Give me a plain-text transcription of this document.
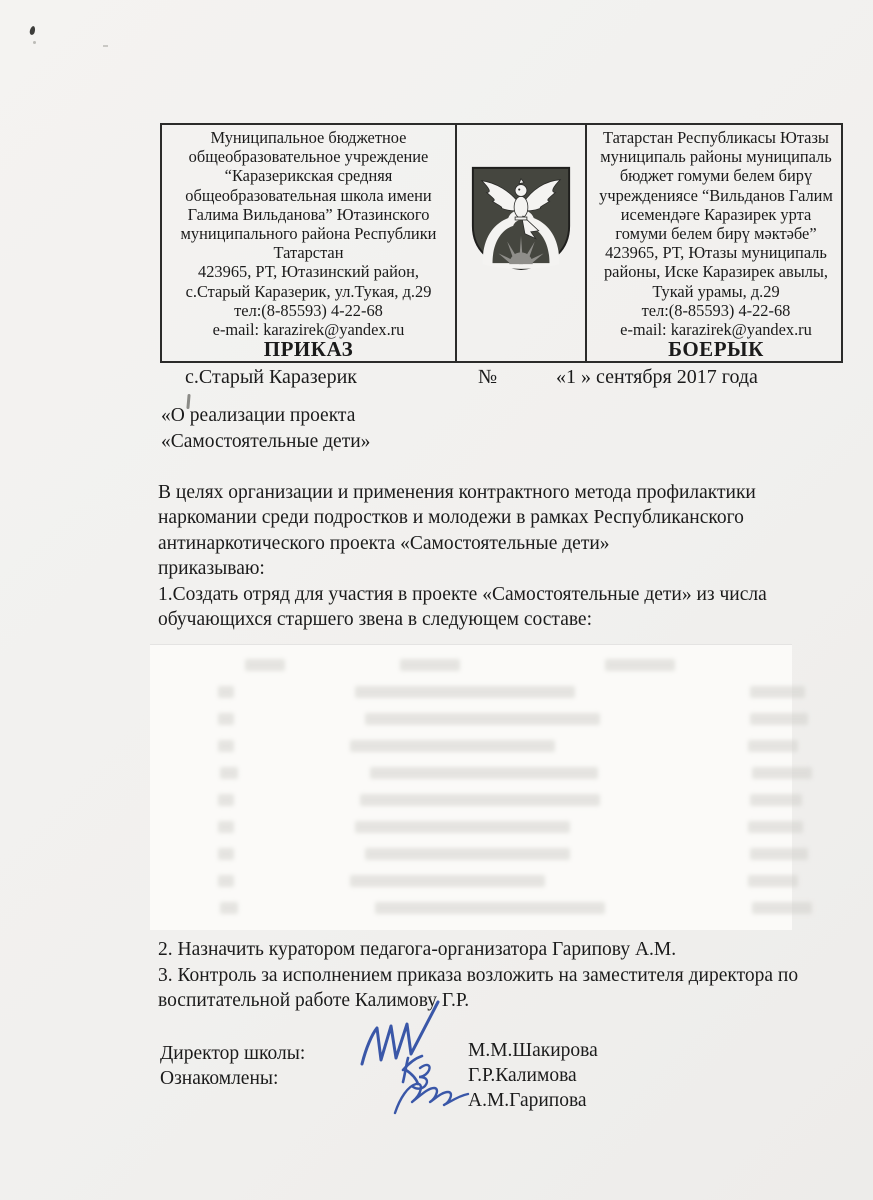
Муниципальное бюджетное
общеобразовательное учреждение
“Каразерикская средняя
общеобразовательная школа имени
Галима Вильданова” Ютазинского
муниципального района Республики
Татарстан
423965, РТ, Ютазинский район,
с.Старый Каразерик, ул.Тукая, д.29
тел:(8-85593) 4-22-68
e-mail: karazirek@yandex.ru
ПРИКАЗ
Татарстан Республикасы Ютазы
муниципаль районы муниципаль
бюджет гомуми белем бирү
учреждениясе “Вильданов Галим
исемендәге Каразирек урта
гомуми белем бирү мәктәбе”
423965, РТ, Ютазы муниципаль
районы, Иске Каразирек авылы,
Тукай урамы, д.29
тел:(8-85593) 4-22-68
e-mail: karazirek@yandex.ru
БОЕРЫК
с.Старый Каразерик	№	«1 » сентября 2017 года
«О реализации проекта
«Самостоятельные дети»
В целях организации и применения контрактного метода профилактики
наркомании среди подростков и молодежи в рамках Республиканского
антинаркотического проекта «Самостоятельные дети»
приказываю:
1.Создать отряд для участия в проекте «Самостоятельные дети» из числа
обучающихся старшего звена в следующем составе:
2. Назначить куратором педагога-организатора Гарипову А.М.
3. Контроль за исполнением приказа возложить на заместителя директора по
воспитательной работе Калимову Г.Р.
Директор школы:
Ознакомлены:
М.М.Шакирова
Г.Р.Калимова
А.М.Гарипова
